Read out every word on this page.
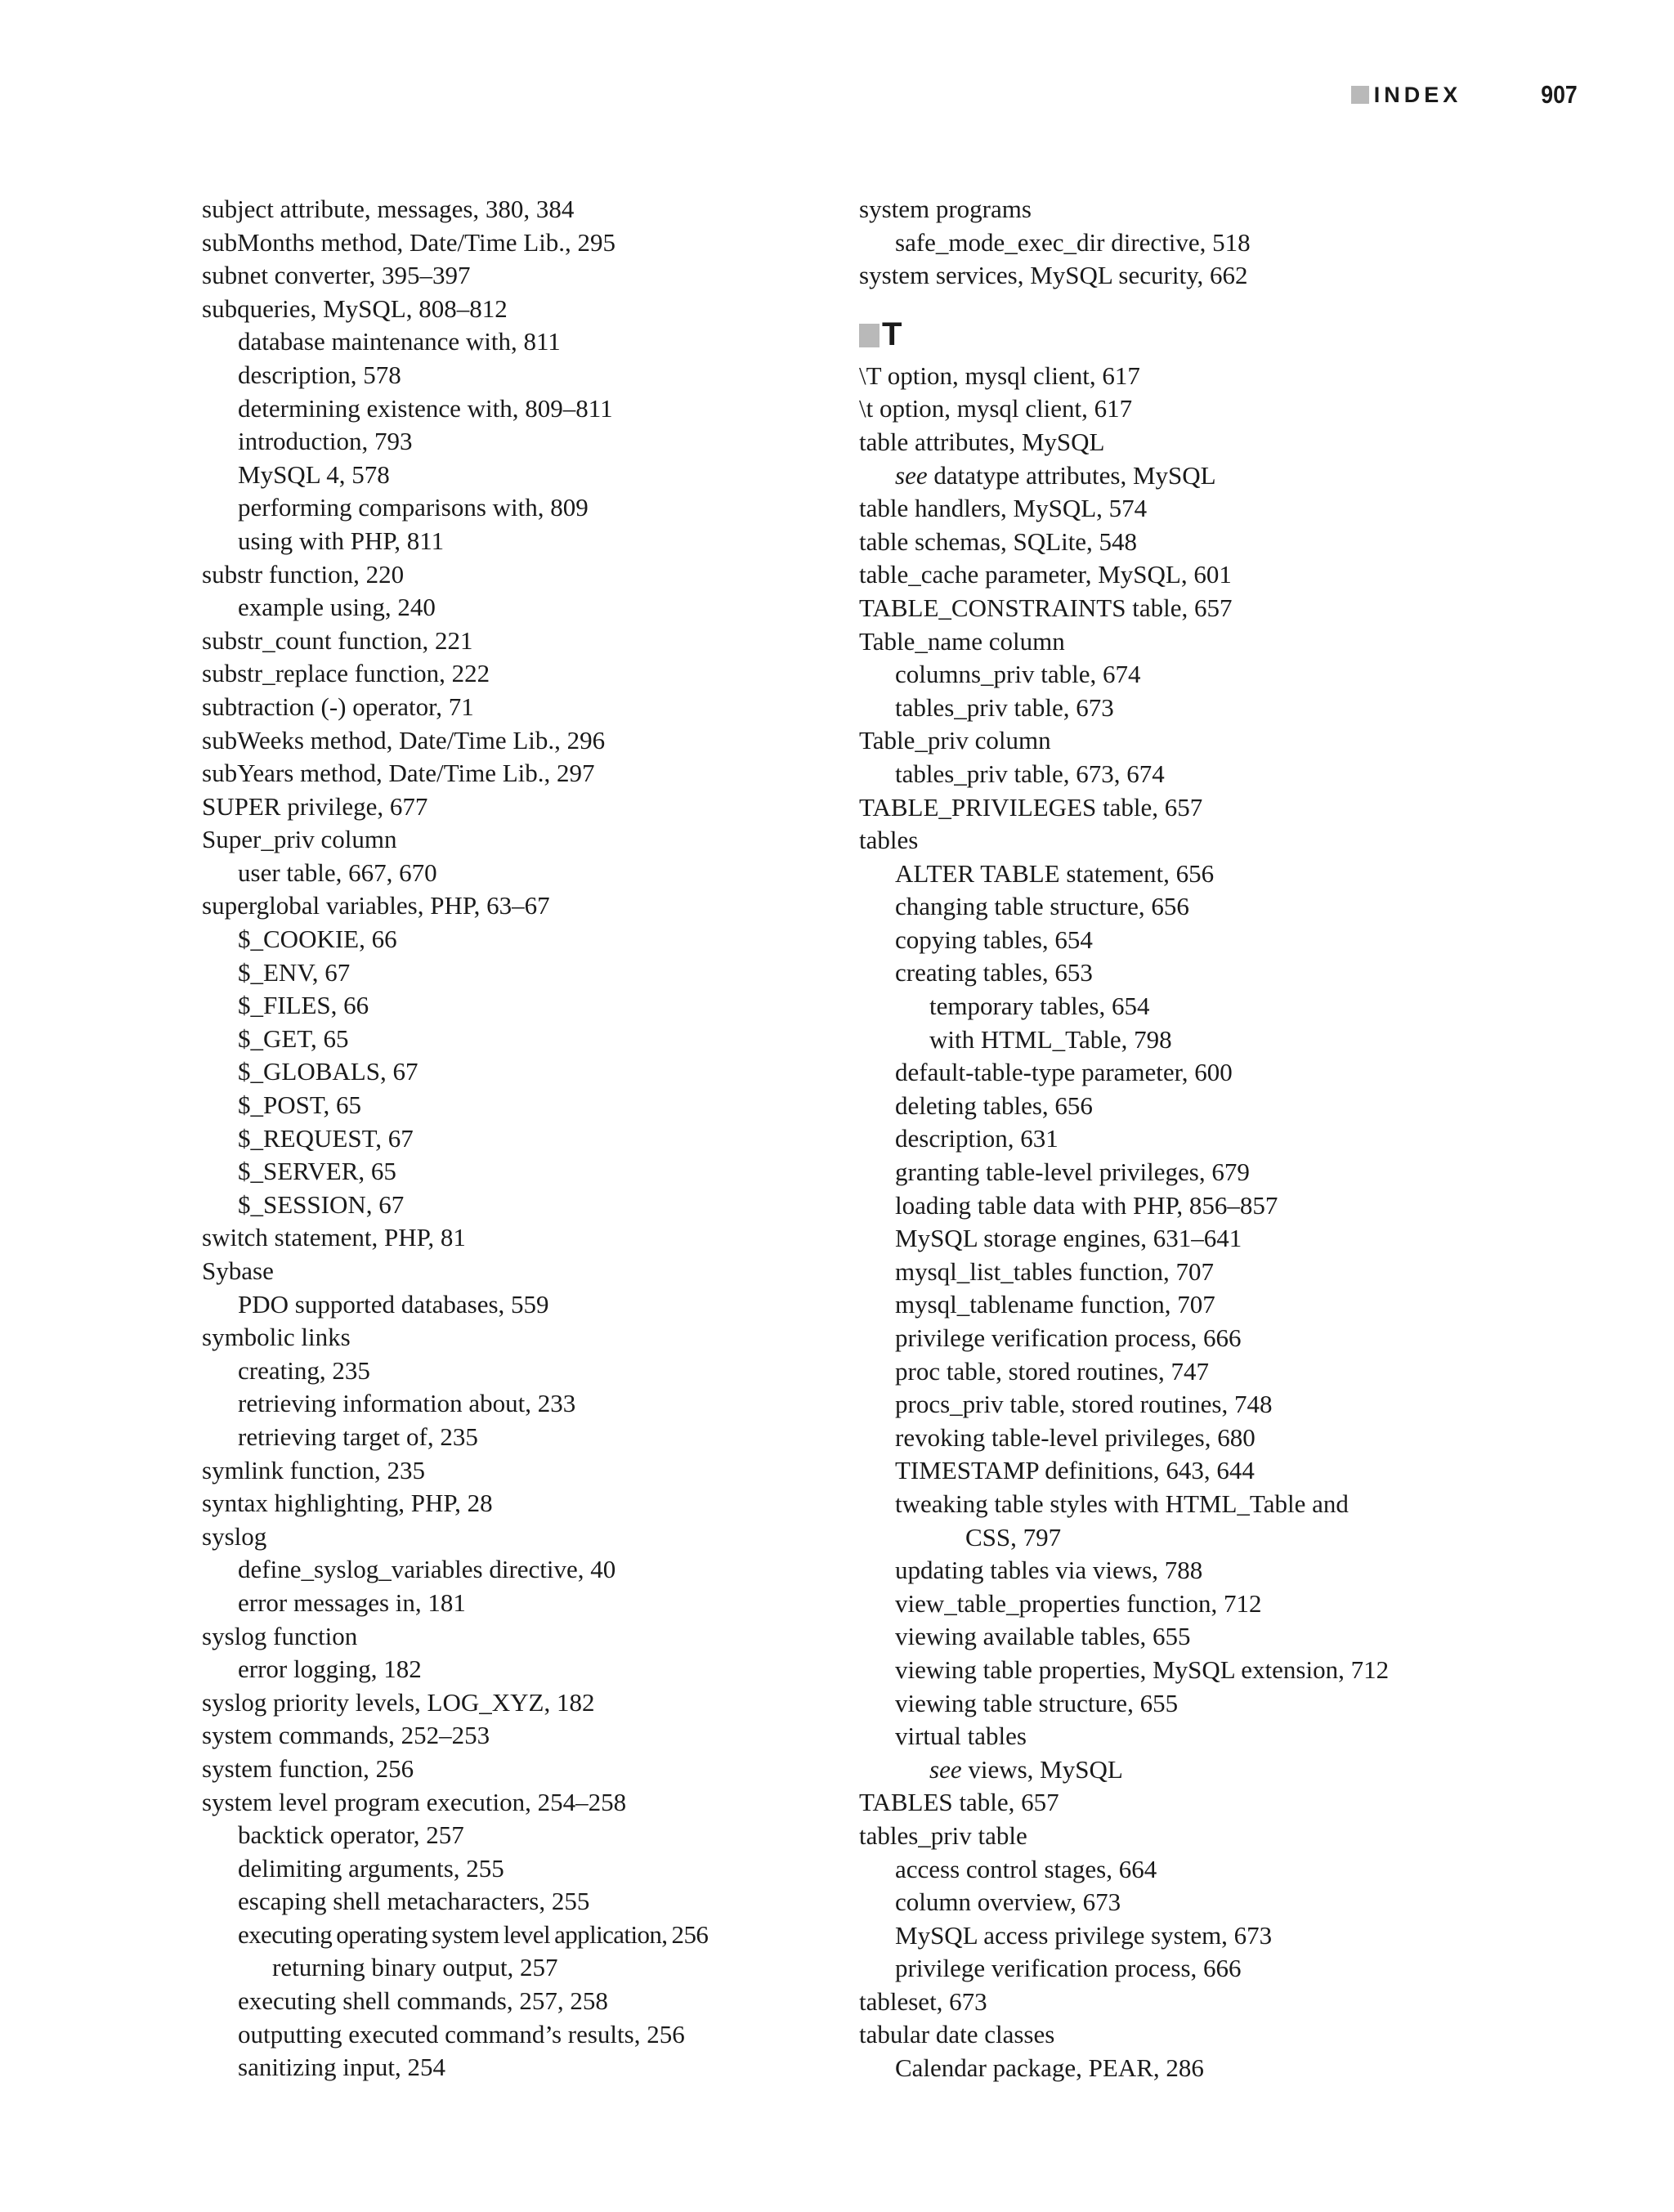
INDEX	907
subject attribute, messages, 380, 384
subMonths method, Date/Time Lib., 295
subnet converter, 395–397
subqueries, MySQL, 808–812
database maintenance with, 811
description, 578
determining existence with, 809–811
introduction, 793
MySQL 4, 578
performing comparisons with, 809
using with PHP, 811
substr function, 220
example using, 240
substr_count function, 221
substr_replace function, 222
subtraction (-) operator, 71
subWeeks method, Date/Time Lib., 296
subYears method, Date/Time Lib., 297
SUPER privilege, 677
Super_priv column
user table, 667, 670
superglobal variables, PHP, 63–67
$_COOKIE, 66
$_ENV, 67
$_FILES, 66
$_GET, 65
$_GLOBALS, 67
$_POST, 65
$_REQUEST, 67
$_SERVER, 65
$_SESSION, 67
switch statement, PHP, 81
Sybase
PDO supported databases, 559
symbolic links
creating, 235
retrieving information about, 233
retrieving target of, 235
symlink function, 235
syntax highlighting, PHP, 28
syslog
define_syslog_variables directive, 40
error messages in, 181
syslog function
error logging, 182
syslog priority levels, LOG_XYZ, 182
system commands, 252–253
system function, 256
system level program execution, 254–258
backtick operator, 257
delimiting arguments, 255
escaping shell metacharacters, 255
executing operating system level application, 256
returning binary output, 257
executing shell commands, 257, 258
outputting executed command’s results, 256
sanitizing input, 254
system programs
safe_mode_exec_dir directive, 518
system services, MySQL security, 662
T
\T option, mysql client, 617
\t option, mysql client, 617
table attributes, MySQL
see datatype attributes, MySQL
table handlers, MySQL, 574
table schemas, SQLite, 548
table_cache parameter, MySQL, 601
TABLE_CONSTRAINTS table, 657
Table_name column
columns_priv table, 674
tables_priv table, 673
Table_priv column
tables_priv table, 673, 674
TABLE_PRIVILEGES table, 657
tables
ALTER TABLE statement, 656
changing table structure, 656
copying tables, 654
creating tables, 653
temporary tables, 654
with HTML_Table, 798
default-table-type parameter, 600
deleting tables, 656
description, 631
granting table-level privileges, 679
loading table data with PHP, 856–857
MySQL storage engines, 631–641
mysql_list_tables function, 707
mysql_tablename function, 707
privilege verification process, 666
proc table, stored routines, 747
procs_priv table, stored routines, 748
revoking table-level privileges, 680
TIMESTAMP definitions, 643, 644
tweaking table styles with HTML_Table and
CSS, 797
updating tables via views, 788
view_table_properties function, 712
viewing available tables, 655
viewing table properties, MySQL extension, 712
viewing table structure, 655
virtual tables
see views, MySQL
TABLES table, 657
tables_priv table
access control stages, 664
column overview, 673
MySQL access privilege system, 673
privilege verification process, 666
tableset, 673
tabular date classes
Calendar package, PEAR, 286
